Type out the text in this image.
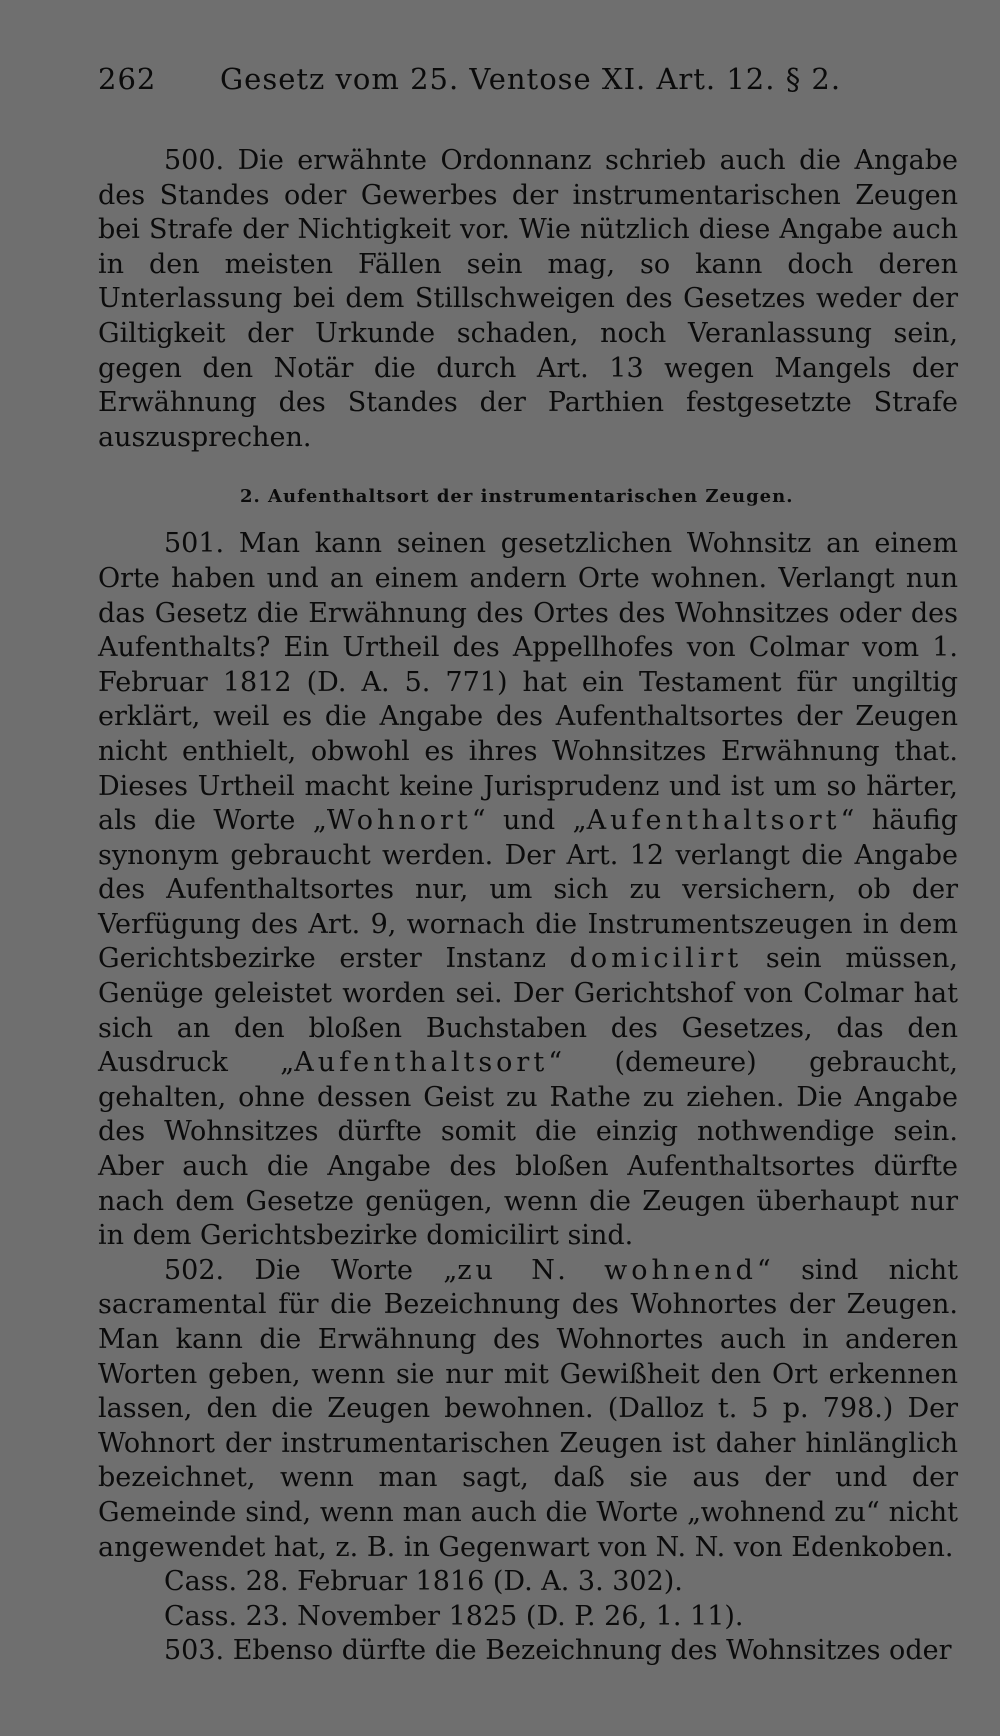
262	Gesetz vom 25. Ventose XI. Art. 12. § 2.

500. Die erwähnte Ordonnanz schrieb auch die Angabe des Standes oder Gewerbes der instrumentarischen Zeugen bei Strafe der Nichtigkeit vor. Wie nützlich diese Angabe auch in den meisten Fällen sein mag, so kann doch deren Unterlassung bei dem Stillschweigen des Gesetzes weder der Giltigkeit der Urkunde schaden, noch Veranlassung sein, gegen den Notär die durch Art. 13 wegen Mangels der Erwähnung des Standes der Parthien festgesetzte Strafe auszusprechen.

2. Aufenthaltsort der instrumentarischen Zeugen.

501. Man kann seinen gesetzlichen Wohnsitz an einem Orte haben und an einem andern Orte wohnen. Verlangt nun das Gesetz die Erwähnung des Ortes des Wohnsitzes oder des Aufenthalts? Ein Urtheil des Appellhofes von Colmar vom 1. Februar 1812 (D. A. 5. 771) hat ein Testament für ungiltig erklärt, weil es die Angabe des Aufenthaltsortes der Zeugen nicht enthielt, obwohl es ihres Wohnsitzes Erwähnung that. Dieses Urtheil macht keine Jurisprudenz und ist um so härter, als die Worte „Wohnort“ und „Aufenthaltsort“ häufig synonym gebraucht werden. Der Art. 12 verlangt die Angabe des Aufenthaltsortes nur, um sich zu versichern, ob der Verfügung des Art. 9, wornach die Instrumentszeugen in dem Gerichtsbezirke erster Instanz domicilirt sein müssen, Genüge geleistet worden sei. Der Gerichtshof von Colmar hat sich an den bloßen Buchstaben des Gesetzes, das den Ausdruck „Aufenthaltsort“ (demeure) gebraucht, gehalten, ohne dessen Geist zu Rathe zu ziehen. Die Angabe des Wohnsitzes dürfte somit die einzig nothwendige sein. Aber auch die Angabe des bloßen Aufenthaltsortes dürfte nach dem Gesetze genügen, wenn die Zeugen überhaupt nur in dem Gerichtsbezirke domicilirt sind.

502. Die Worte „zu N. wohnend“ sind nicht sacramental für die Bezeichnung des Wohnortes der Zeugen. Man kann die Erwähnung des Wohnortes auch in anderen Worten geben, wenn sie nur mit Gewißheit den Ort erkennen lassen, den die Zeugen bewohnen. (Dalloz t. 5 p. 798.) Der Wohnort der instrumentarischen Zeugen ist daher hinlänglich bezeichnet, wenn man sagt, daß sie aus der und der Gemeinde sind, wenn man auch die Worte „wohnend zu“ nicht angewendet hat, z. B. in Gegenwart von N. N. von Edenkoben.

Cass. 28. Februar 1816 (D. A. 3. 302).
Cass. 23. November 1825 (D. P. 26, 1. 11).

503. Ebenso dürfte die Bezeichnung des Wohnsitzes oder
